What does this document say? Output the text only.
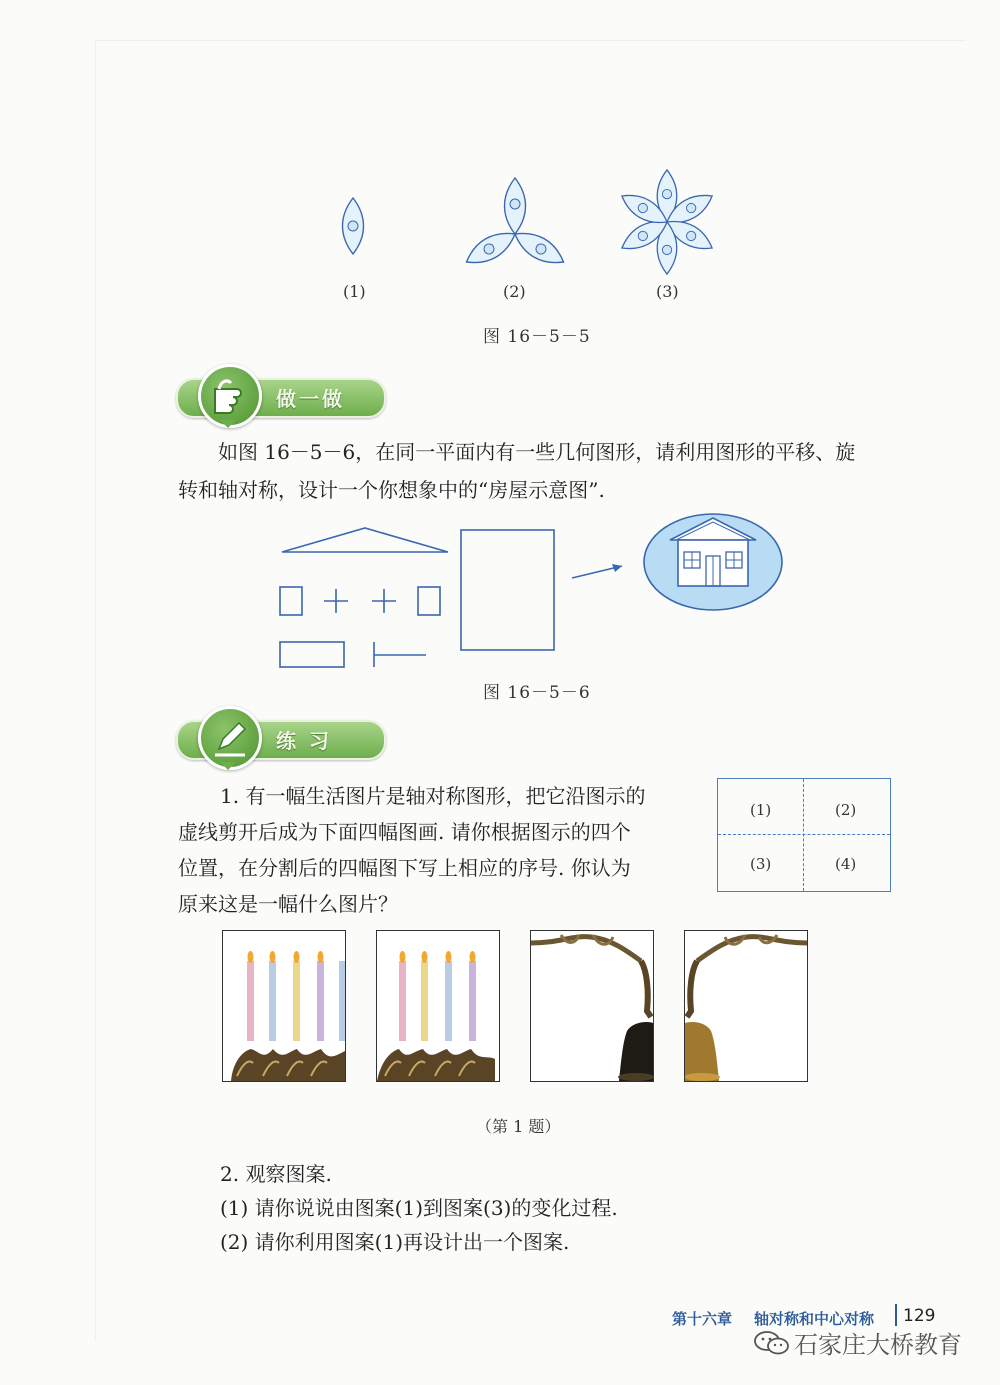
(1)	(2)	(3)
图 16－5－5
做一做
如图 16－5－6，在同一平面内有一些几何图形，请利用图形的平移、旋
转和轴对称，设计一个你想象中的“房屋示意图”.
图 16－5－6
练 习
1. 有一幅生活图片是轴对称图形，把它沿图示的
虚线剪开后成为下面四幅图画. 请你根据图示的四个
位置，在分割后的四幅图下写上相应的序号. 你认为
原来这是一幅什么图片？
(1)	(2)
(3)	(4)
（第 1 题）
2. 观察图案.
(1) 请你说说由图案(1)到图案(3)的变化过程.
(2) 请你利用图案(1)再设计出一个图案.
第十六章 轴对称和中心对称 129
石家庄大桥教育
